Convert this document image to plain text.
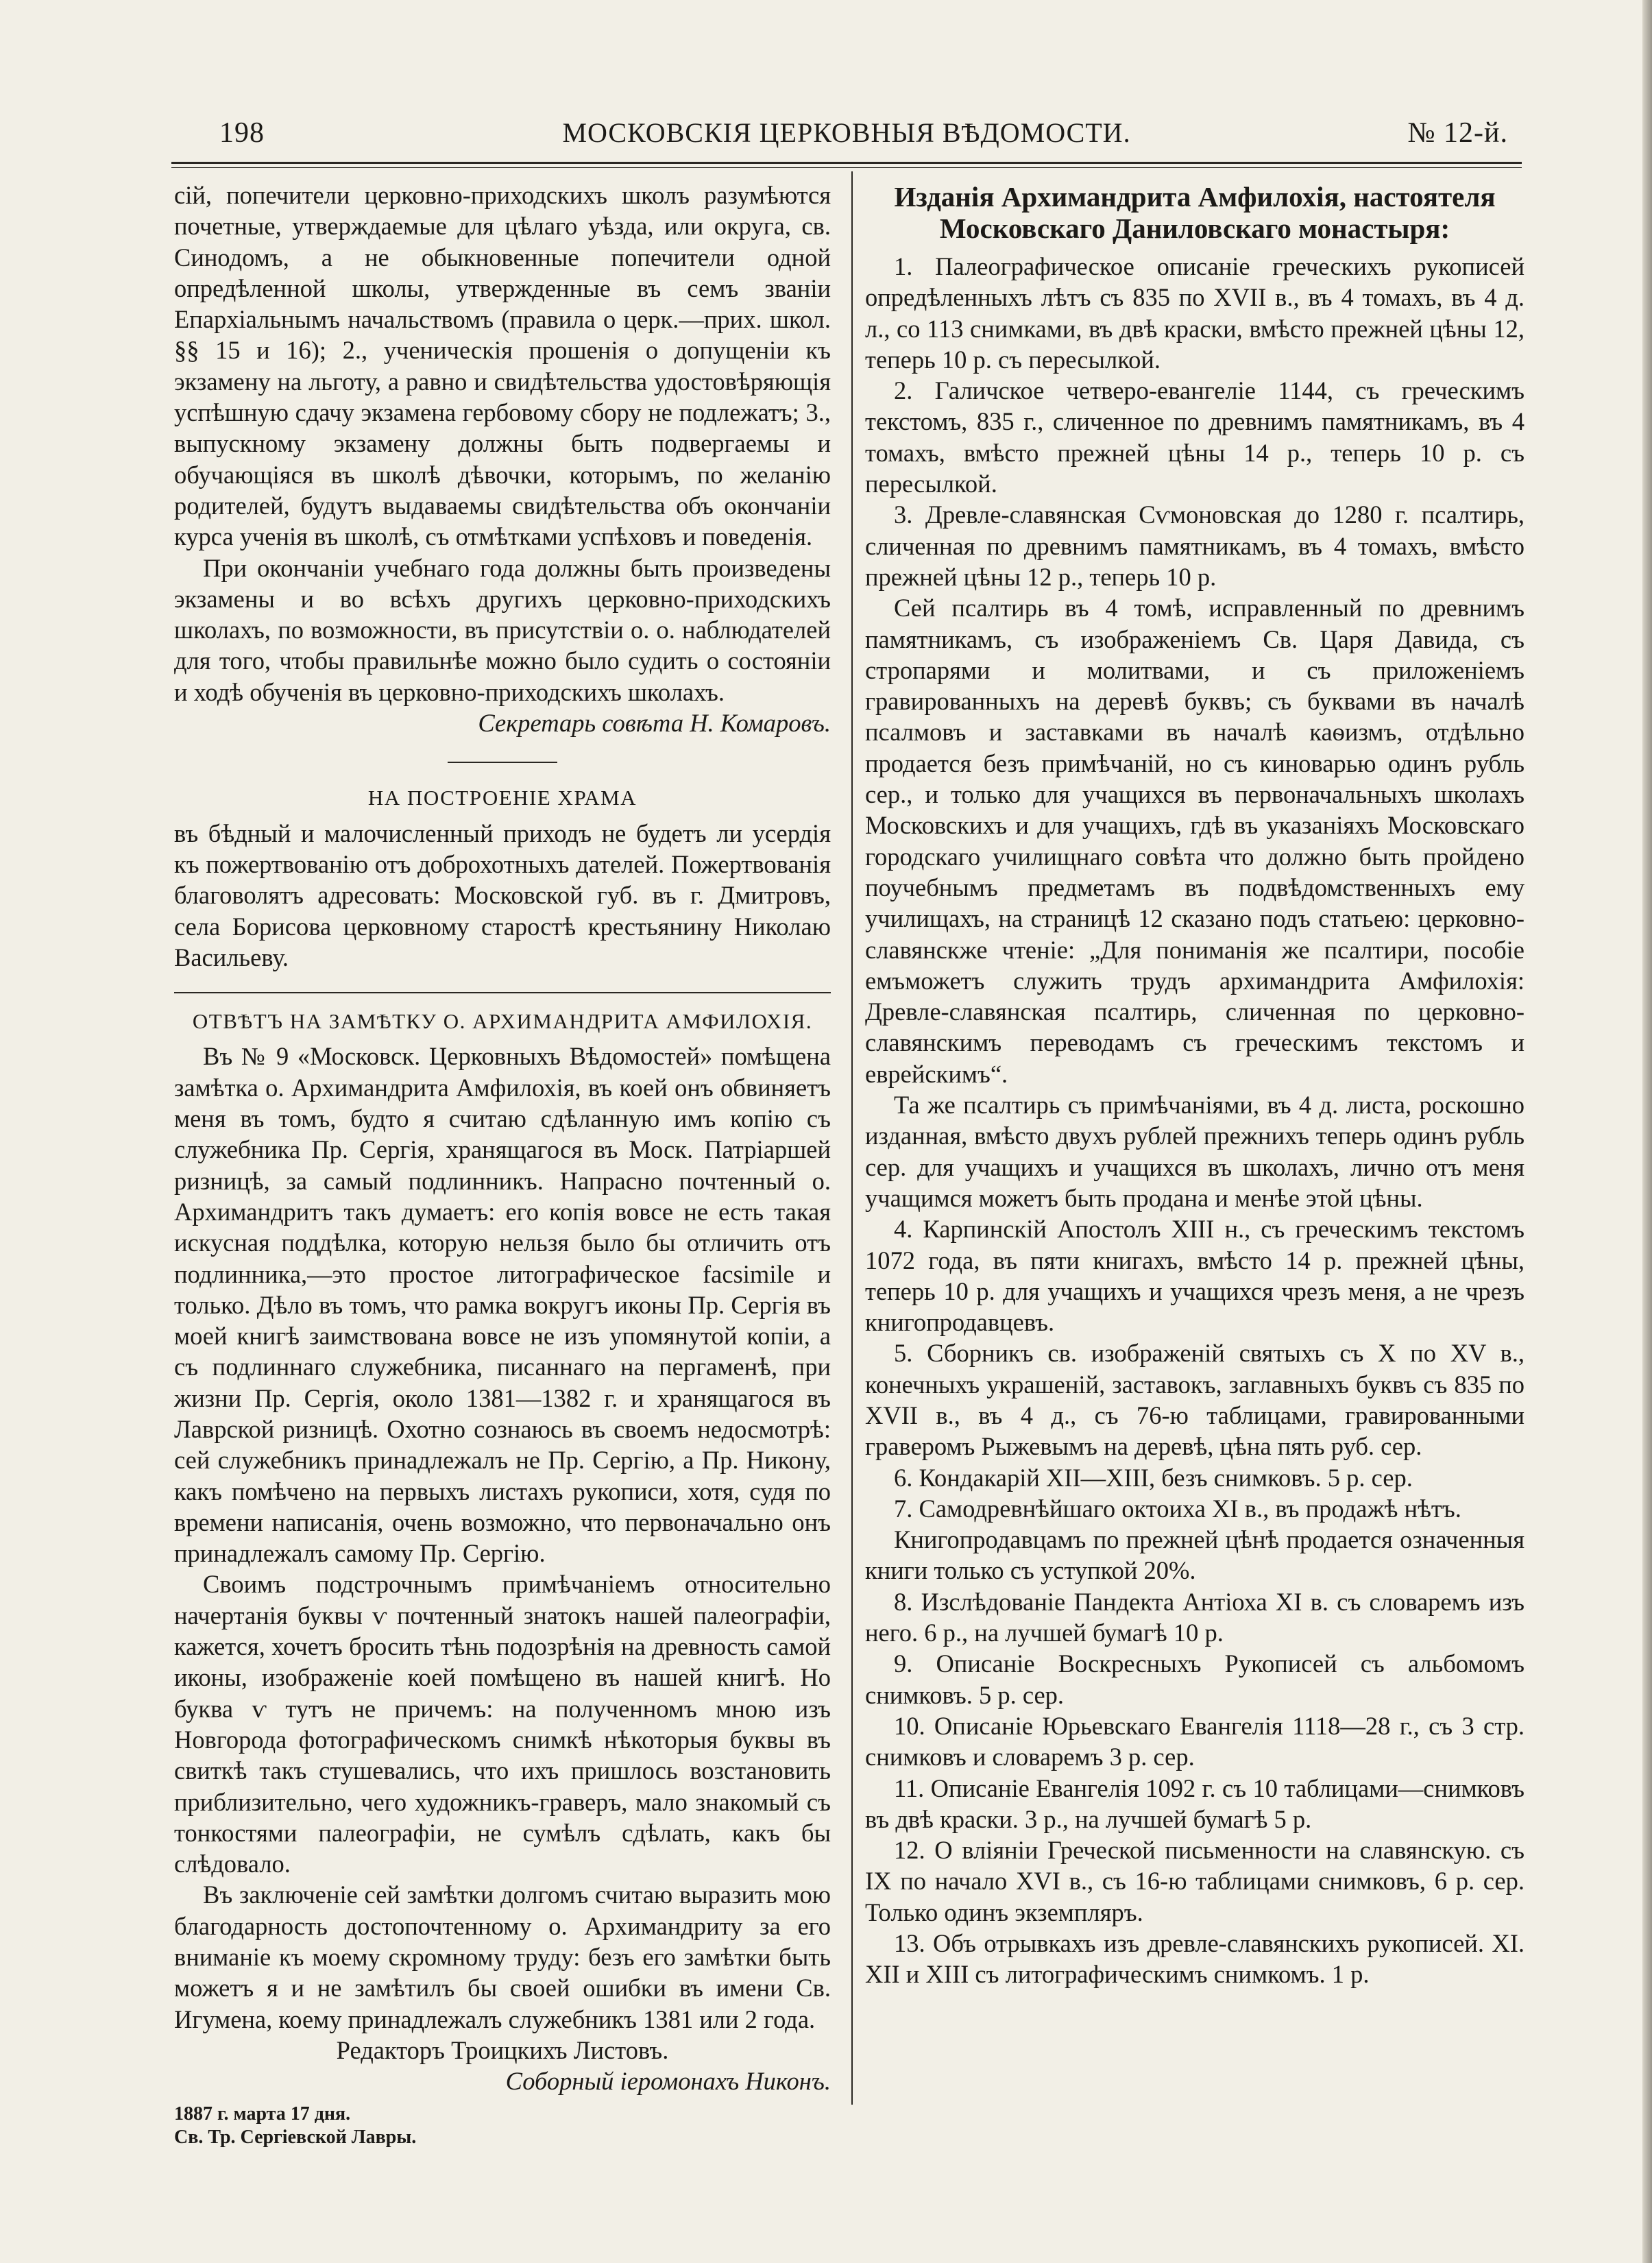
198	МОСКОВСКІЯ ЦЕРКОВНЫЯ ВѢДОМОСТИ.	№ 12-й.

сій, попечители церковно-приходскихъ школъ разумѣются почетные, утверждаемые для цѣлаго уѣзда, или округа, св. Синодомъ, а не обыкновенные попечители одной опредѣленной школы, утвержденные въ семъ званіи Епархіальнымъ начальствомъ (правила о церк.—прих. школ. §§ 15 и 16); 2., ученическія прошенія о допущеніи къ экзамену на льготу, а равно и свидѣтельства удостовѣряющія успѣшную сдачу экзамена гербовому сбору не подлежатъ; 3., выпускному экзамену должны быть подвергаемы и обучающіяся въ школѣ дѣвочки, которымъ, по желанію родителей, будутъ выдаваемы свидѣтельства объ окончаніи курса ученія въ школѣ, съ отмѣтками успѣховъ и поведенія.

При окончаніи учебнаго года должны быть произведены экзамены и во всѣхъ другихъ церковно-приходскихъ школахъ, по возможности, въ присутствіи о. о. наблюдателей для того, чтобы правильнѣе можно было судить о состояніи и ходѣ обученія въ церковно-приходскихъ школахъ.

Секретарь совѣта Н. Комаровъ.

НА ПОСТРОЕНІЕ ХРАМА

въ бѣдный и малочисленный приходъ не будетъ ли усердія къ пожертвованію отъ доброхотныхъ дателей. Пожертвованія благоволятъ адресовать: Московской губ. въ г. Дмитровъ, села Борисова церковному старостѣ крестьянину Николаю Васильеву.

ОТВѢТЪ НА ЗАМѢТКУ О. АРХИМАНДРИТА АМФИЛОХІЯ.

Въ № 9 «Московск. Церковныхъ Вѣдомостей» помѣщена замѣтка о. Архимандрита Амфилохія, въ коей онъ обвиняетъ меня въ томъ, будто я считаю сдѣланную имъ копію съ служебника Пр. Сергія, хранящагося въ Моск. Патріаршей ризницѣ, за самый подлинникъ. Напрасно почтенный о. Архимандритъ такъ думаетъ: его копія вовсе не есть такая искусная поддѣлка, которую нельзя было бы отличить отъ подлинника,—это простое литографическое facsimile и только. Дѣло въ томъ, что рамка вокругъ иконы Пр. Сергія въ моей книгѣ заимствована вовсе не изъ упомянутой копіи, а съ подлиннаго служебника, писаннаго на пергаменѣ, при жизни Пр. Сергія, около 1381—1382 г. и хранящагося въ Лаврской ризницѣ. Охотно сознаюсь въ своемъ недосмотрѣ: сей служебникъ принадлежалъ не Пр. Сергію, а Пр. Никону, какъ помѣчено на первыхъ листахъ рукописи, хотя, судя по времени написанія, очень возможно, что первоначально онъ принадлежалъ самому Пр. Сергію.

Своимъ подстрочнымъ примѣчаніемъ относительно начертанія буквы ѵ почтенный знатокъ нашей палеографіи, кажется, хочетъ бросить тѣнь подозрѣнія на древность самой иконы, изображеніе коей помѣщено въ нашей книгѣ. Но буква ѵ тутъ не причемъ: на полученномъ мною изъ Новгорода фотографическомъ снимкѣ нѣкоторыя буквы въ свиткѣ такъ стушевались, что ихъ пришлось возстановить приблизительно, чего художникъ-граверъ, мало знакомый съ тонкостями палеографіи, не сумѣлъ сдѣлать, какъ бы слѣдовало.

Въ заключеніе сей замѣтки долгомъ считаю выразить мою благодарность достопочтенному о. Архимандриту за его вниманіе къ моему скромному труду: безъ его замѣтки быть можетъ я и не замѣтилъ бы своей ошибки въ имени Св. Игумена, коему принадлежалъ служебникъ 1381 или 2 года.

Редакторъ Троицкихъ Листовъ.

Соборный іеромонахъ Никонъ.

1887 г. марта 17 дня.

Св. Тр. Сергіевской Лавры.

Изданія Архимандрита Амфилохія, настоятеля Московскаго Даниловскаго монастыря:

1. Палеографическое описаніе греческихъ рукописей опредѣленныхъ лѣтъ съ 835 по XVII в., въ 4 томахъ, въ 4 д. л., со 113 снимками, въ двѣ краски, вмѣсто прежней цѣны 12, теперь 10 р. съ пересылкой.

2. Галичское четверо-евангеліе 1144, съ греческимъ текстомъ, 835 г., сличенное по древнимъ памятникамъ, въ 4 томахъ, вмѣсто прежней цѣны 14 р., теперь 10 р. съ пересылкой.

3. Древле-славянская Сѵмоновская до 1280 г. псалтирь, сличенная по древнимъ памятникамъ, въ 4 томахъ, вмѣсто прежней цѣны 12 р., теперь 10 р.

Сей псалтирь въ 4 томѣ, исправленный по древнимъ памятникамъ, съ изображеніемъ Св. Царя Давида, съ стропарями и молитвами, и съ приложеніемъ гравированныхъ на деревѣ буквъ; съ буквами въ началѣ псалмовъ и заставками въ началѣ каѳизмъ, отдѣльно продается безъ примѣчаній, но съ киноварью одинъ рубль сер., и только для учащихся въ первоначальныхъ школахъ Московскихъ и для учащихъ, гдѣ въ указаніяхъ Московскаго городскаго училищнаго совѣта что должно быть пройдено поучебнымъ предметамъ въ подвѣдомственныхъ ему училищахъ, на страницѣ 12 сказано подъ статьею: церковно-славянскже чтеніе: „Для пониманія же псалтири, пособіе емъможетъ служить трудъ архимандрита Амфилохія: Древле-славянская псалтирь, сличенная по церковно-славянскимъ переводамъ съ греческимъ текстомъ и еврейскимъ“.

Та же псалтирь съ примѣчаніями, въ 4 д. листа, роскошно изданная, вмѣсто двухъ рублей прежнихъ теперь одинъ рубль сер. для учащихъ и учащихся въ школахъ, лично отъ меня учащимся можетъ быть продана и менѣе этой цѣны.

4. Карпинскій Апостолъ XIII н., съ греческимъ текстомъ 1072 года, въ пяти книгахъ, вмѣсто 14 р. прежней цѣны, теперь 10 р. для учащихъ и учащихся чрезъ меня, а не чрезъ книгопродавцевъ.

5. Сборникъ св. изображеній святыхъ съ X по XV в., конечныхъ украшеній, заставокъ, заглавныхъ буквъ съ 835 по XVII в., въ 4 д., съ 76-ю таблицами, гравированными граверомъ Рыжевымъ на деревѣ, цѣна пять руб. сер.

6. Кондакарій XII—XIII, безъ снимковъ. 5 р. сер.

7. Самодревнѣйшаго октоиха XI в., въ продажѣ нѣтъ.

Книгопродавцамъ по прежней цѣнѣ продается означенныя книги только съ уступкой 20%.

8. Изслѣдованіе Пандекта Антіоха XI в. съ словаремъ изъ него. 6 р., на лучшей бумагѣ 10 р.

9. Описаніе Воскресныхъ Рукописей съ альбомомъ снимковъ. 5 р. сер.

10. Описаніе Юрьевскаго Евангелія 1118—28 г., съ 3 стр. снимковъ и словаремъ 3 р. сер.

11. Описаніе Евангелія 1092 г. съ 10 таблицами—снимковъ въ двѣ краски. 3 р., на лучшей бумагѣ 5 р.

12. О вліяніи Греческой письменности на славянскую. съ IX по начало XVI в., съ 16-ю таблицами снимковъ, 6 р. сер. Только одинъ экземпляръ.

13. Объ отрывкахъ изъ древле-славянскихъ рукописей. XI. XII и XIII съ литографическимъ снимкомъ. 1 р.
